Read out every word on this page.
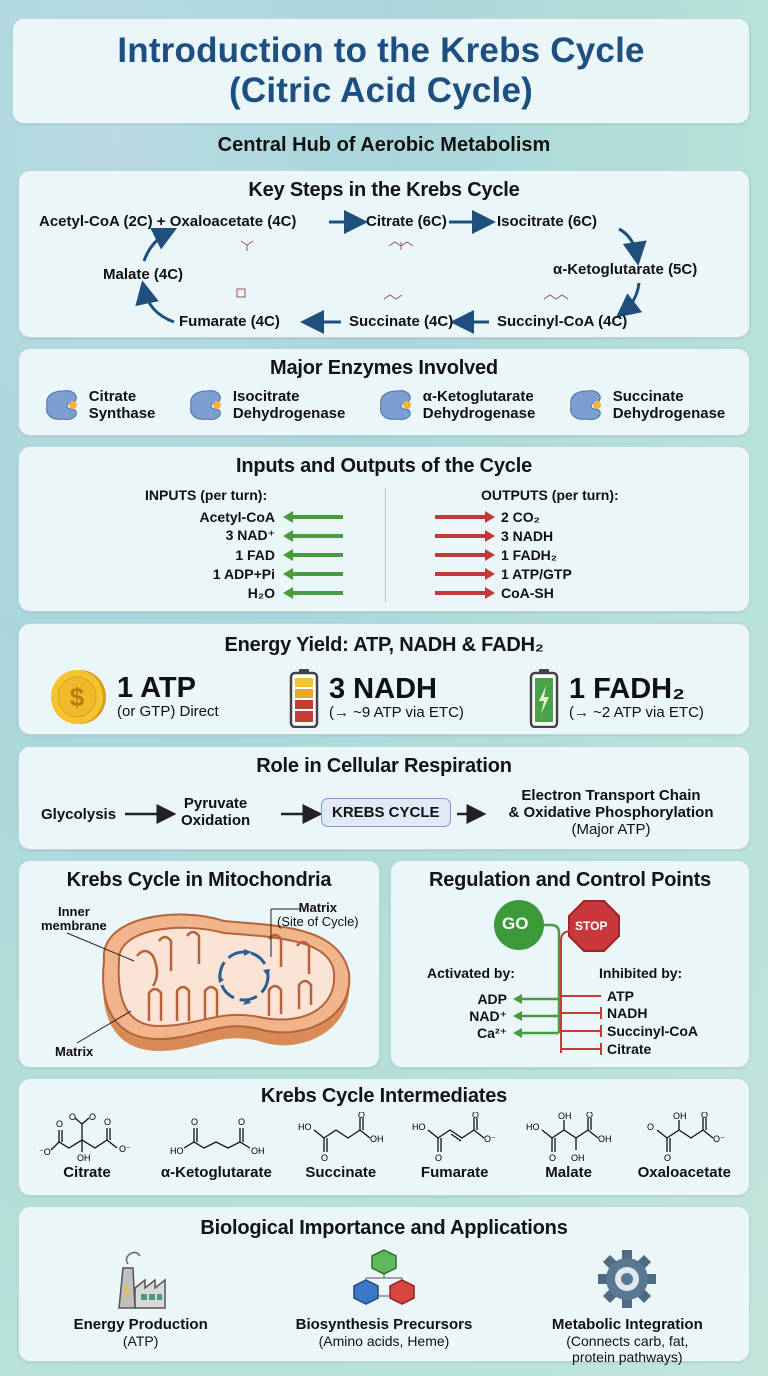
Introduction to the Krebs Cycle
(Citric Acid Cycle)
Central Hub of Aerobic Metabolism
Key Steps in the Krebs Cycle
Acetyl-CoA (2C) + Oxaloacetate (4C)	Citrate (6C)	Isocitrate (6C)
α-Ketoglutarate (5C)
Succinyl-CoA (4C)
Succinate (4C)
Fumarate (4C)
Malate (4C)
Major Enzymes Involved
Citrate
Synthase
Isocitrate
Dehydrogenase
α-Ketoglutarate
Dehydrogenase
Succinate
Dehydrogenase
Inputs and Outputs of the Cycle
INPUTS (per turn):
Acetyl-CoA
3 NAD⁺
1 FAD
1 ADP+Pi
H₂O
OUTPUTS (per turn):
2 CO₂
3 NADH
1 FADH₂
1 ATP/GTP
CoA-SH
Energy Yield: ATP, NADH & FADH₂
$ 1 ATP
(or GTP) Direct
3 NADH
(→ ~9 ATP via ETC)
1 FADH₂
(→ ~2 ATP via ETC)
Role in Cellular Respiration
Glycolysis
Pyruvate
Oxidation	KREBS CYCLE
Electron Transport Chain
& Oxidative Phosphorylation
(Major ATP)
Krebs Cycle in Mitochondria
Inner
membrane
Matrix
(Site of Cycle)
Matrix
Regulation and Control Points
GO	STOP
Activated by:	Inhibited by:
ADP
NAD⁺
Ca²⁺
ATP
NADH
Succinyl-CoA
Citrate
Krebs Cycle Intermediates
⁻O
O	O
O⁻
OH
O O
Citrate
HO
O	O
OH
α-Ketoglutarate
HO
O
O
OH
Succinate
HO
O
O
O⁻
Fumarate
HO
O
O
OH
OH
OH
Malate
O
O
O
O⁻
OH
Oxaloacetate
Biological Importance and Applications
Energy Production
(ATP)
Biosynthesis Precursors
(Amino acids, Heme)
Metabolic Integration
(Connects carb, fat,
protein pathways)
